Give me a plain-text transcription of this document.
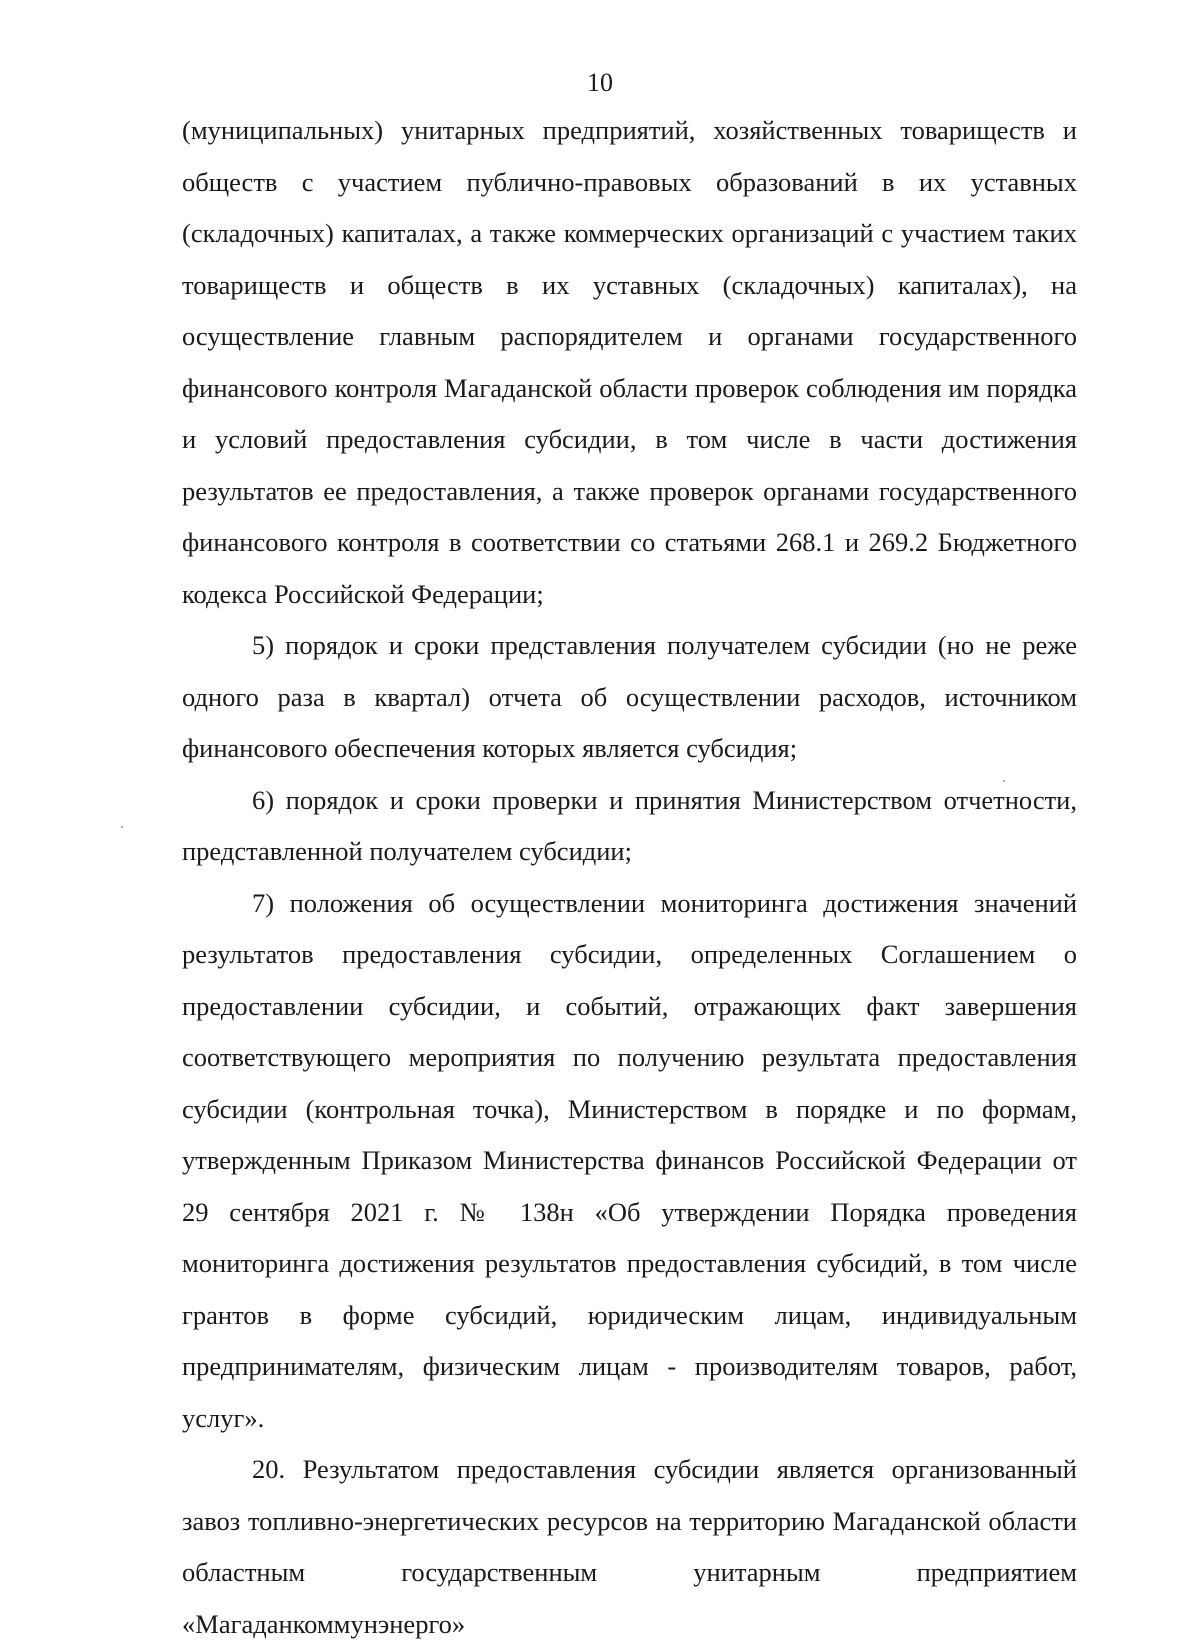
10

(муниципальных) унитарных предприятий, хозяйственных товариществ и обществ с участием публично-правовых образований в их уставных (складочных) капиталах, а также коммерческих организаций с участием таких товариществ и обществ в их уставных (складочных) капиталах), на осуществление главным распорядителем и органами государственного финансового контроля Магаданской области проверок соблюдения им порядка и условий предоставления субсидии, в том числе в части достижения результатов ее предоставления, а также проверок органами государственного финансового контроля в соответствии со статьями 268.1 и 269.2 Бюджетного кодекса Российской Федерации;

5) порядок и сроки представления получателем субсидии (но не реже одного раза в квартал) отчета об осуществлении расходов, источником финансового обеспечения которых является субсидия;

6) порядок и сроки проверки и принятия Министерством отчетности, представленной получателем субсидии;

7) положения об осуществлении мониторинга достижения значений результатов предоставления субсидии, определенных Соглашением о предоставлении субсидии, и событий, отражающих факт завершения соответствующего мероприятия по получению результата предоставления субсидии (контрольная точка), Министерством в порядке и по формам, утвержденным Приказом Министерства финансов Российской Федерации от 29 сентября 2021 г. № 138н «Об утверждении Порядка проведения мониторинга достижения результатов предоставления субсидий, в том числе грантов в форме субсидий, юридическим лицам, индивидуальным предпринимателям, физическим лицам - производителям товаров, работ, услуг».

20. Результатом предоставления субсидии является организованный завоз топливно-энергетических ресурсов на территорию Магаданской области областным государственным унитарным предприятием «Магаданкоммунэнерго»
